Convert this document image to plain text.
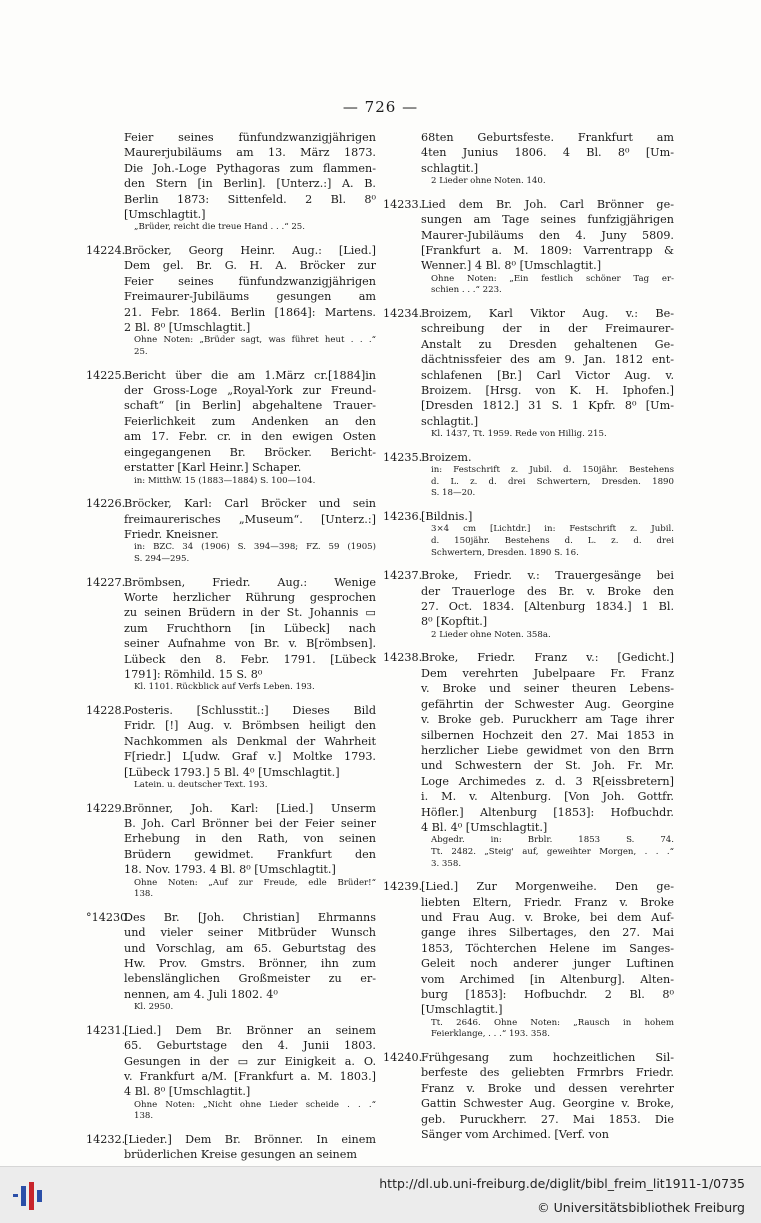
— 726 —
Feier seines fünfundzwanzigjährigen
Maurerjubiläums am 13. März 1873.
Die Joh.-Loge Pythagoras zum flammen-
den Stern [in Berlin]. [Unterz.:] A. B.
Berlin 1873: Sittenfeld. 2 Bl. 8⁰
[Umschlagtit.]
„Brüder, reicht die treue Hand . . .“ 25.
14224.
Bröcker, Georg Heinr. Aug.: [Lied.]
Dem gel. Br. G. H. A. Bröcker zur
Feier seines fünfundzwanzigjährigen
Freimaurer-Jubiläums gesungen am
21. Febr. 1864. Berlin [1864]: Martens.
2 Bl. 8⁰ [Umschlagtit.]
Ohne Noten: „Brüder sagt, was führet heut . . .“
25.
14225.
Bericht über die am 1.März cr.[1884]in
der Gross-Loge „Royal-York zur Freund-
schaft“ [in Berlin] abgehaltene Trauer-
Feierlichkeit zum Andenken an den
am 17. Febr. cr. in den ewigen Osten
eingegangenen Br. Bröcker. Bericht-
erstatter [Karl Heinr.] Schaper.
in: MitthW. 15 (1883—1884) S. 100—104.
14226.
Bröcker, Karl: Carl Bröcker und sein
freimaurerisches „Museum“. [Unterz.:]
Friedr. Kneisner.
in: BZC. 34 (1906) S. 394—398; FZ. 59 (1905)
S. 294—295.
14227.
Brömbsen, Friedr. Aug.: Wenige
Worte herzlicher Rührung gesprochen
zu seinen Brüdern in der St. Johannis ▭
zum Fruchthorn [in Lübeck] nach
seiner Aufnahme von Br. v. B[römbsen].
Lübeck den 8. Febr. 1791. [Lübeck
1791]: Römhild. 15 S. 8⁰
Kl. 1101. Rückblick auf Verfs Leben. 193.
14228.
Posteris. [Schlusstit.:] Dieses Bild
Fridr. [!] Aug. v. Brömbsen heiligt den
Nachkommen als Denkmal der Wahrheit
F[riedr.] L[udw. Graf v.] Moltke 1793.
[Lübeck 1793.] 5 Bl. 4⁰ [Umschlagtit.]
Latein. u. deutscher Text. 193.
14229.
Brönner, Joh. Karl: [Lied.] Unserm
B. Joh. Carl Brönner bei der Feier seiner
Erhebung in den Rath, von seinen
Brüdern gewidmet. Frankfurt den
18. Nov. 1793. 4 Bl. 8⁰ [Umschlagtit.]
Ohne Noten: „Auf zur Freude, edle Brüder!“
138.
°14230.
Des Br. [Joh. Christian] Ehrmanns
und vieler seiner Mitbrüder Wunsch
und Vorschlag, am 65. Geburtstag des
Hw. Prov. Gmstrs. Brönner, ihn zum
lebenslänglichen Großmeister zu er-
nennen, am 4. Juli 1802. 4⁰
Kl. 2950.
14231.
[Lied.] Dem Br. Brönner an seinem
65. Geburtstage den 4. Junii 1803.
Gesungen in der ▭ zur Einigkeit a. O.
v. Frankfurt a/M. [Frankfurt a. M. 1803.]
4 Bl. 8⁰ [Umschlagtit.]
Ohne Noten: „Nicht ohne Lieder scheide . . .“
138.
14232.
[Lieder.] Dem Br. Brönner. In einem
brüderlichen Kreise gesungen an seinem
68ten Geburtsfeste. Frankfurt am
4ten Junius 1806. 4 Bl. 8⁰ [Um-
schlagtit.]
2 Lieder ohne Noten. 140.
14233.
Lied dem Br. Joh. Carl Brönner ge-
sungen am Tage seines funfzigjährigen
Maurer-Jubiläums den 4. Juny 5809.
[Frankfurt a. M. 1809: Varrentrapp &
Wenner.] 4 Bl. 8⁰ [Umschlagtit.]
Ohne Noten: „Ein festlich schöner Tag er-
schien . . .“ 223.
14234.
Broizem, Karl Viktor Aug. v.: Be-
schreibung der in der Freimaurer-
Anstalt zu Dresden gehaltenen Ge-
dächtnissfeier des am 9. Jan. 1812 ent-
schlafenen [Br.] Carl Victor Aug. v.
Broizem. [Hrsg. von K. H. Iphofen.]
[Dresden 1812.] 31 S. 1 Kpfr. 8⁰ [Um-
schlagtit.]
Kl. 1437, Tt. 1959. Rede von Hillig. 215.
14235.
Broizem.
in: Festschrift z. Jubil. d. 150jähr. Bestehens
d. L. z. d. drei Schwertern, Dresden. 1890
S. 18—20.
14236.
[Bildnis.]
3×4 cm [Lichtdr.] in: Festschrift z. Jubil.
d. 150jähr. Bestehens d. L. z. d. drei
Schwertern, Dresden. 1890 S. 16.
14237.
Broke, Friedr. v.: Trauergesänge bei
der Trauerloge des Br. v. Broke den
27. Oct. 1834. [Altenburg 1834.] 1 Bl.
8⁰ [Kopftit.]
2 Lieder ohne Noten. 358a.
14238.
Broke, Friedr. Franz v.: [Gedicht.]
Dem verehrten Jubelpaare Fr. Franz
v. Broke und seiner theuren Lebens-
gefährtin der Schwester Aug. Georgine
v. Broke geb. Puruckherr am Tage ihrer
silbernen Hochzeit den 27. Mai 1853 in
herzlicher Liebe gewidmet von den Brrn
und Schwestern der St. Joh. Fr. Mr.
Loge Archimedes z. d. 3 R[eissbretern]
i. M. v. Altenburg. [Von Joh. Gottfr.
Höfler.] Altenburg [1853]: Hofbuchdr.
4 Bl. 4⁰ [Umschlagtit.]
Abgedr. in: Brblr. 1853 S. 74.
Tt. 2482. „Steig' auf, geweihter Morgen, . . .“
3. 358.
14239.
[Lied.] Zur Morgenweihe. Den ge-
liebten Eltern, Friedr. Franz v. Broke
und Frau Aug. v. Broke, bei dem Auf-
gange ihres Silbertages, den 27. Mai
1853, Töchterchen Helene im Sanges-
Geleit noch anderer junger Luftinen
vom Archimed [in Altenburg]. Alten-
burg [1853]: Hofbuchdr. 2 Bl. 8⁰
[Umschlagtit.]
Tt. 2646. Ohne Noten: „Rausch in hohem
Feierklange, . . .“ 193. 358.
14240.
Frühgesang zum hochzeitlichen Sil-
berfeste des geliebten Frmrbrs Friedr.
Franz v. Broke und dessen verehrter
Gattin Schwester Aug. Georgine v. Broke,
geb. Puruckherr. 27. Mai 1853. Die
Sänger vom Archimed. [Verf. von
http://dl.ub.uni-freiburg.de/diglit/bibl_freim_lit1911-1/0735
© Universitätsbibliothek Freiburg
